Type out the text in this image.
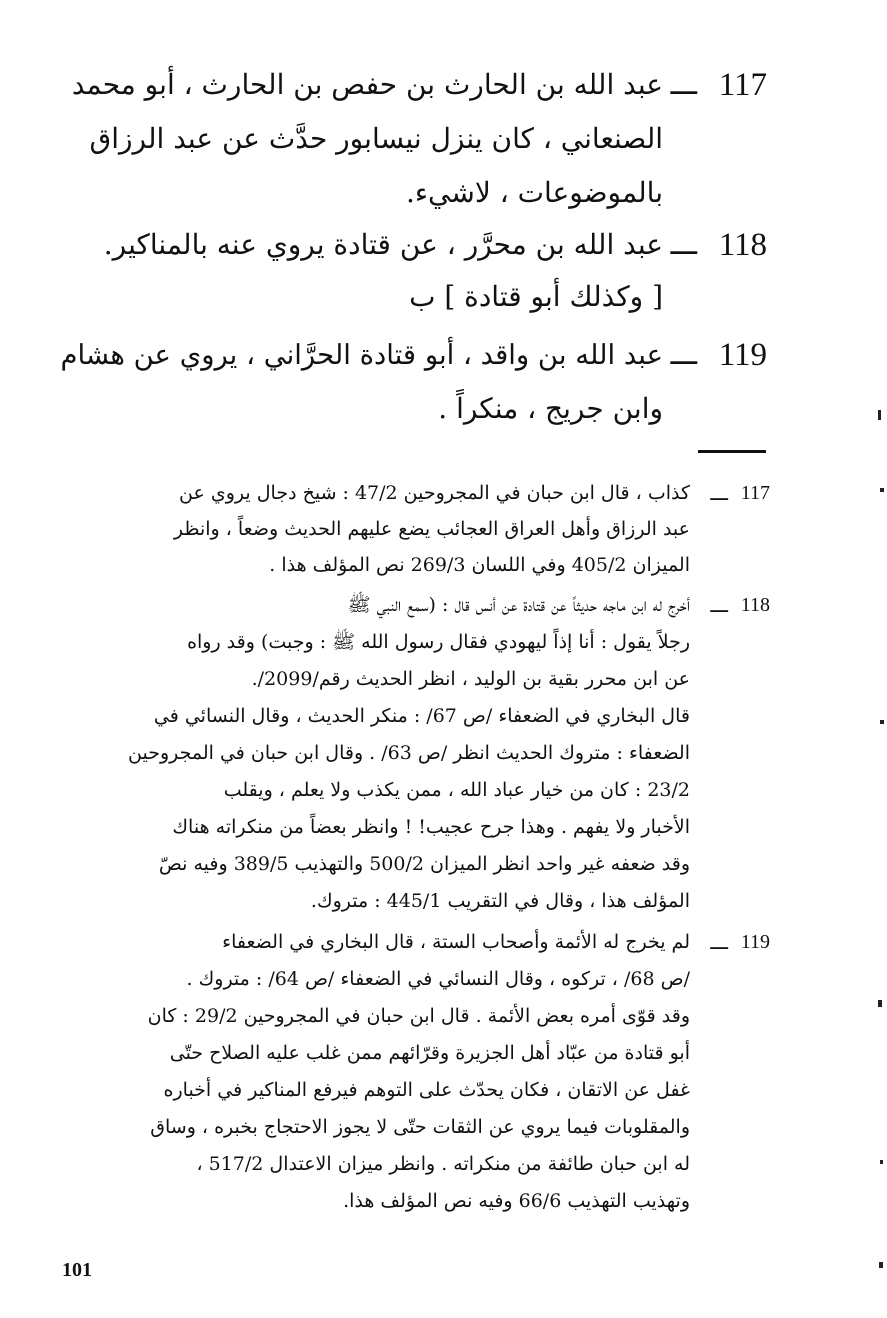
117
ـــ
عبد الله بن الحارث بن حفص بن الحارث ، أبو محمد
الصنعاني ، كان ينزل نيسابور حدَّث عن عبد الرزاق
بالموضوعات ، لاشيء.
118
ـــ
عبد الله بن محرَّر ، عن قتادة يروي عنه بالمناكير.
[ وكذلك أبو قتادة ] ب
119
ـــ
عبد الله بن واقد ، أبو قتادة الحرَّاني ، يروي عن هشام
وابن جريج ، منكراً .
117
ـــ
كذاب ، قال ابن حبان في المجروحين 47/2 : شيخ دجال يروي عن
عبد الرزاق وأهل العراق العجائب يضع عليهم الحديث وضعاً ، وانظر
الميزان 405/2 وفي اللسان 269/3 نص المؤلف هذا .
118
ـــ
أخرج له ابن ماجه حديثاً عن قتادة عن أنس قال : (سمع النبي ﷺ
رجلاً يقول : أنا إذاً ليهودي فقال رسول الله ﷺ : وجبت) وقد رواه
عن ابن محرر بقية بن الوليد ، انظر الحديث رقم/2099/.
قال البخاري في الضعفاء /ص 67/ : منكر الحديث ، وقال النسائي في
الضعفاء : متروك الحديث انظر /ص 63/ . وقال ابن حبان في المجروحين
23/2 : كان من خيار عباد الله ، ممن يكذب ولا يعلم ، ويقلب
الأخبار ولا يفهم . وهذا جرح عجيب! ! وانظر بعضاً من منكراته هناك
وقد ضعفه غير واحد انظر الميزان 500/2 والتهذيب 389/5 وفيه نصّ
المؤلف هذا ، وقال في التقريب 445/1 : متروك.
119
ـــ
لم يخرج له الأئمة وأصحاب الستة ، قال البخاري في الضعفاء
/ص 68/ ، تركوه ، وقال النسائي في الضعفاء /ص 64/ : متروك .
وقد قوّى أمره بعض الأئمة . قال ابن حبان في المجروحين 29/2 : كان
أبو قتادة من عبّاد أهل الجزيرة وقرّائهم ممن غلب عليه الصلاح حتّى
غفل عن الاتقان ، فكان يحدّث على التوهم فيرفع المناكير في أخباره
والمقلوبات فيما يروي عن الثقات حتّى لا يجوز الاحتجاج بخبره ، وساق
له ابن حبان طائفة من منكراته . وانظر ميزان الاعتدال 517/2 ،
وتهذيب التهذيب 66/6 وفيه نص المؤلف هذا.
101
